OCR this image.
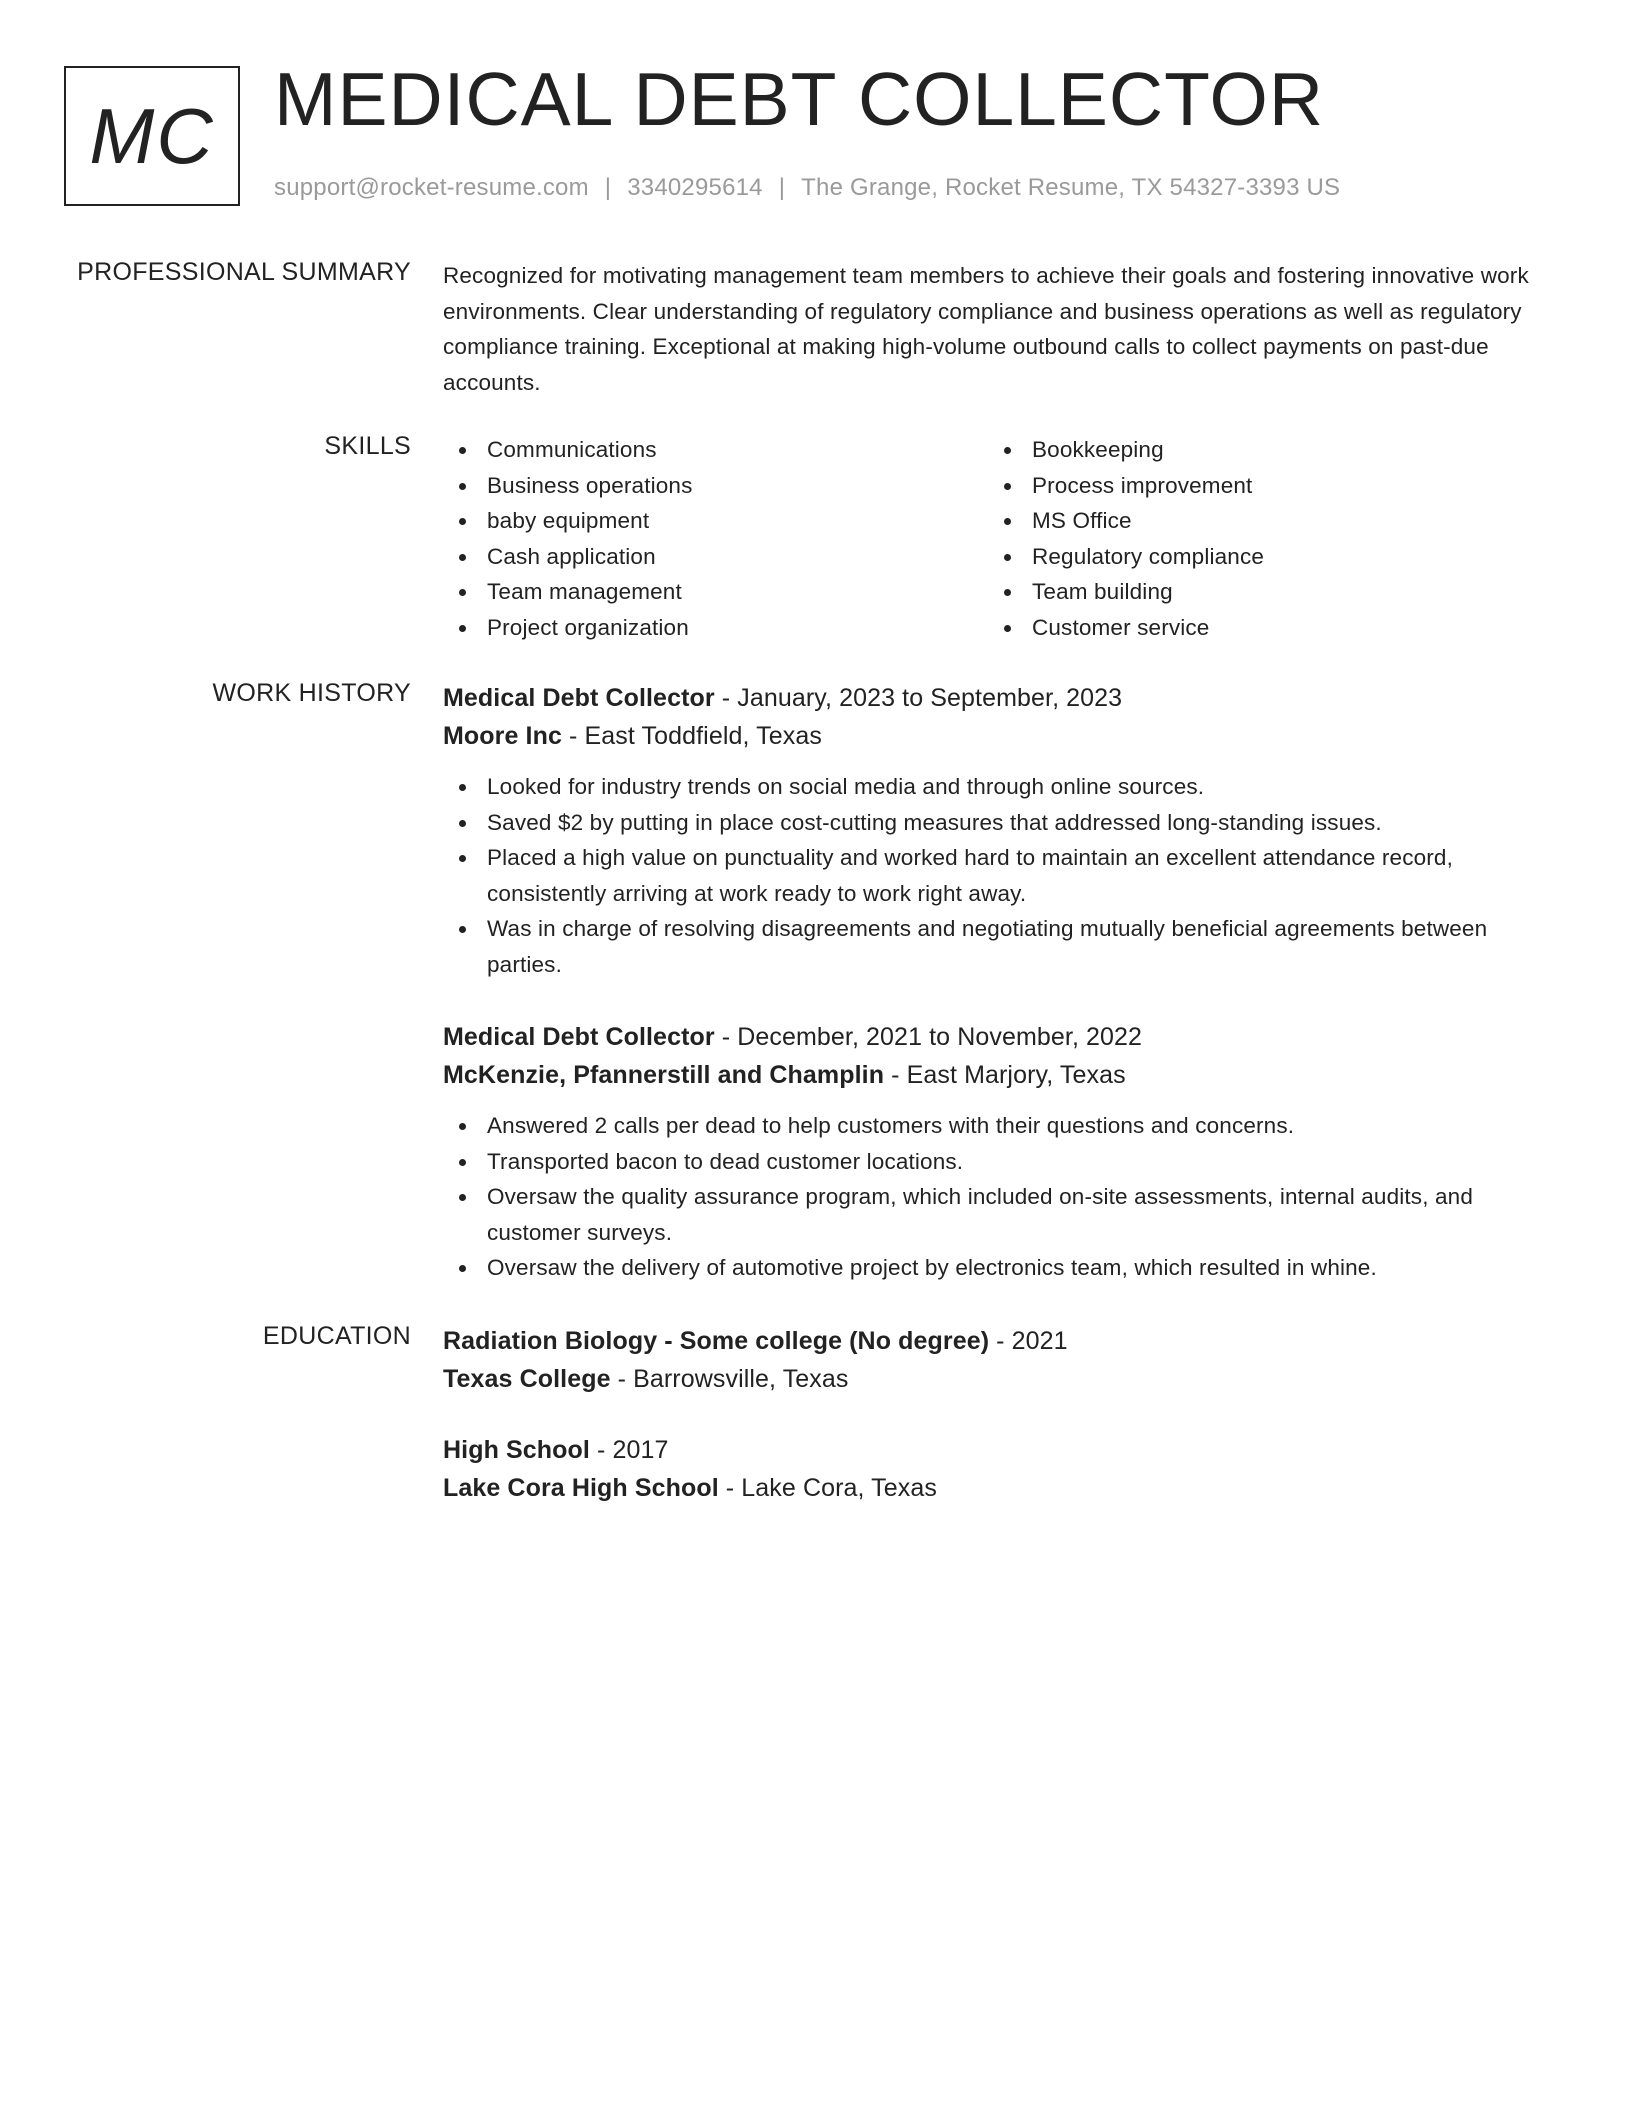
MC MEDICAL DEBT COLLECTOR
support@rocket-resume.com | 3340295614 | The Grange, Rocket Resume, TX 54327-3393 US
PROFESSIONAL SUMMARY Recognized for motivating management team members to achieve their goals and fostering innovative work environments. Clear understanding of regulatory compliance and business operations as well as regulatory compliance training. Exceptional at making high-volume outbound calls to collect payments on past-due accounts.

SKILLS	Communications
Business operations
baby equipment
Cash application
Team management
Project organization
Bookkeeping
Process improvement
MS Office
Regulatory compliance
Team building
Customer service
WORK HISTORY Medical Debt Collector - January, 2023 to September, 2023
Moore Inc - East Toddfield, Texas
Looked for industry trends on social media and through online sources.
Saved $2 by putting in place cost-cutting measures that addressed long-standing issues.
Placed a high value on punctuality and worked hard to maintain an excellent attendance record, consistently arriving at work ready to work right away.
Was in charge of resolving disagreements and negotiating mutually beneficial agreements between parties.
Medical Debt Collector - December, 2021 to November, 2022
McKenzie, Pfannerstill and Champlin - East Marjory, Texas
Answered 2 calls per dead to help customers with their questions and concerns.
Transported bacon to dead customer locations.
Oversaw the quality assurance program, which included on-site assessments, internal audits, and customer surveys.
Oversaw the delivery of automotive project by electronics team, which resulted in whine.
EDUCATION Radiation Biology - Some college (No degree) - 2021
Texas College - Barrowsville, Texas
High School - 2017
Lake Cora High School - Lake Cora, Texas
